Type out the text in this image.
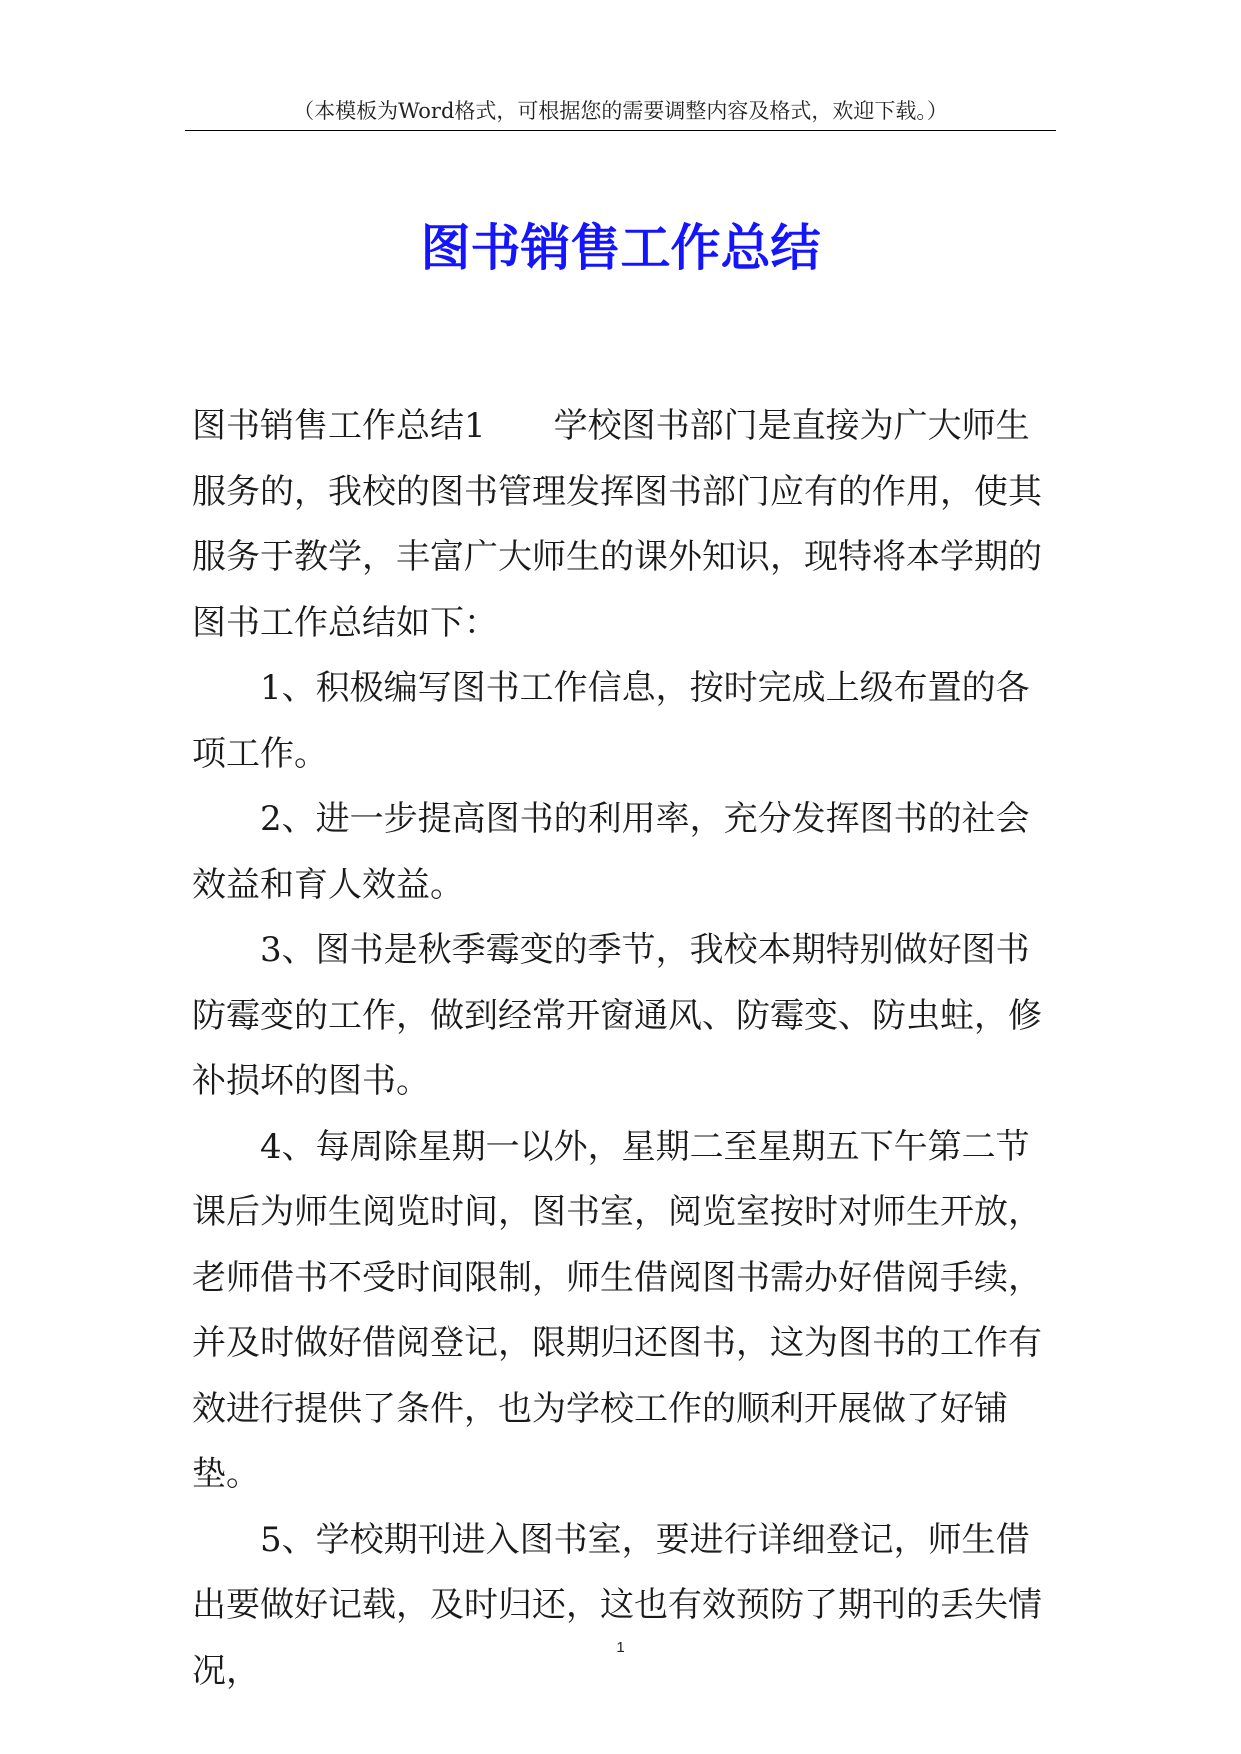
（本模板为Word格式，可根据您的需要调整内容及格式，欢迎下载。）
图书销售工作总结

图书销售工作总结1　　学校图书部门是直接为广大师生服务的，我校的图书管理发挥图书部门应有的作用，使其服务于教学，丰富广大师生的课外知识，现特将本学期的图书工作总结如下：

1、积极编写图书工作信息，按时完成上级布置的各项工作。

2、进一步提高图书的利用率，充分发挥图书的社会效益和育人效益。

3、图书是秋季霉变的季节，我校本期特别做好图书防霉变的工作，做到经常开窗通风、防霉变、防虫蛀，修补损坏的图书。

4、每周除星期一以外，星期二至星期五下午第二节课后为师生阅览时间，图书室，阅览室按时对师生开放，老师借书不受时间限制，师生借阅图书需办好借阅手续，并及时做好借阅登记，限期归还图书，这为图书的工作有效进行提供了条件，也为学校工作的顺利开展做了好铺垫。

5、学校期刊进入图书室，要进行详细登记，师生借出要做好记载，及时归还，这也有效预防了期刊的丢失情况，

1
